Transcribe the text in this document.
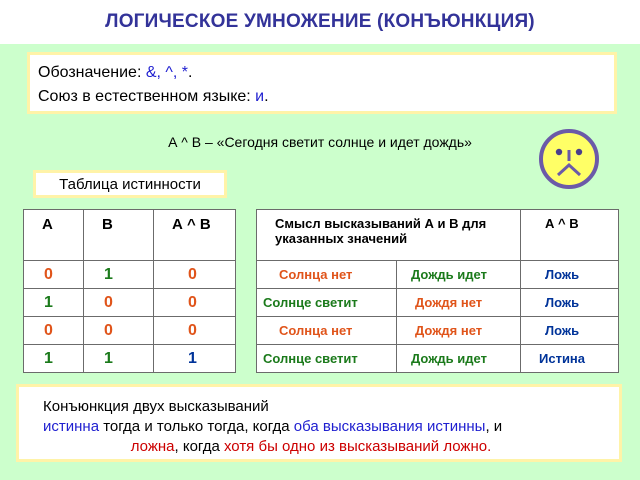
ЛОГИЧЕСКОЕ УМНОЖЕНИЕ (КОНЪЮНКЦИЯ)
Обозначение: &, ^, *.
Союз в естественном языке: и.
А ^ В – «Сегодня светит солнце и идет дождь»
Таблица истинности
А	В	А ^ В
0	1	0
1	0	0
0	0	0
1	1	1
Смысл высказываний А и В для указанных значений		А ^ В
Солнца нет	Дождь идет	Ложь
Солнце светит	Дождя нет	Ложь
Солнца нет	Дождя нет	Ложь
Солнце светит	Дождь идет	Истина
Конъюнкция двух высказываний
истинна тогда и только тогда, когда оба высказывания истинны, и
ложна, когда хотя бы одно из высказываний ложно.
